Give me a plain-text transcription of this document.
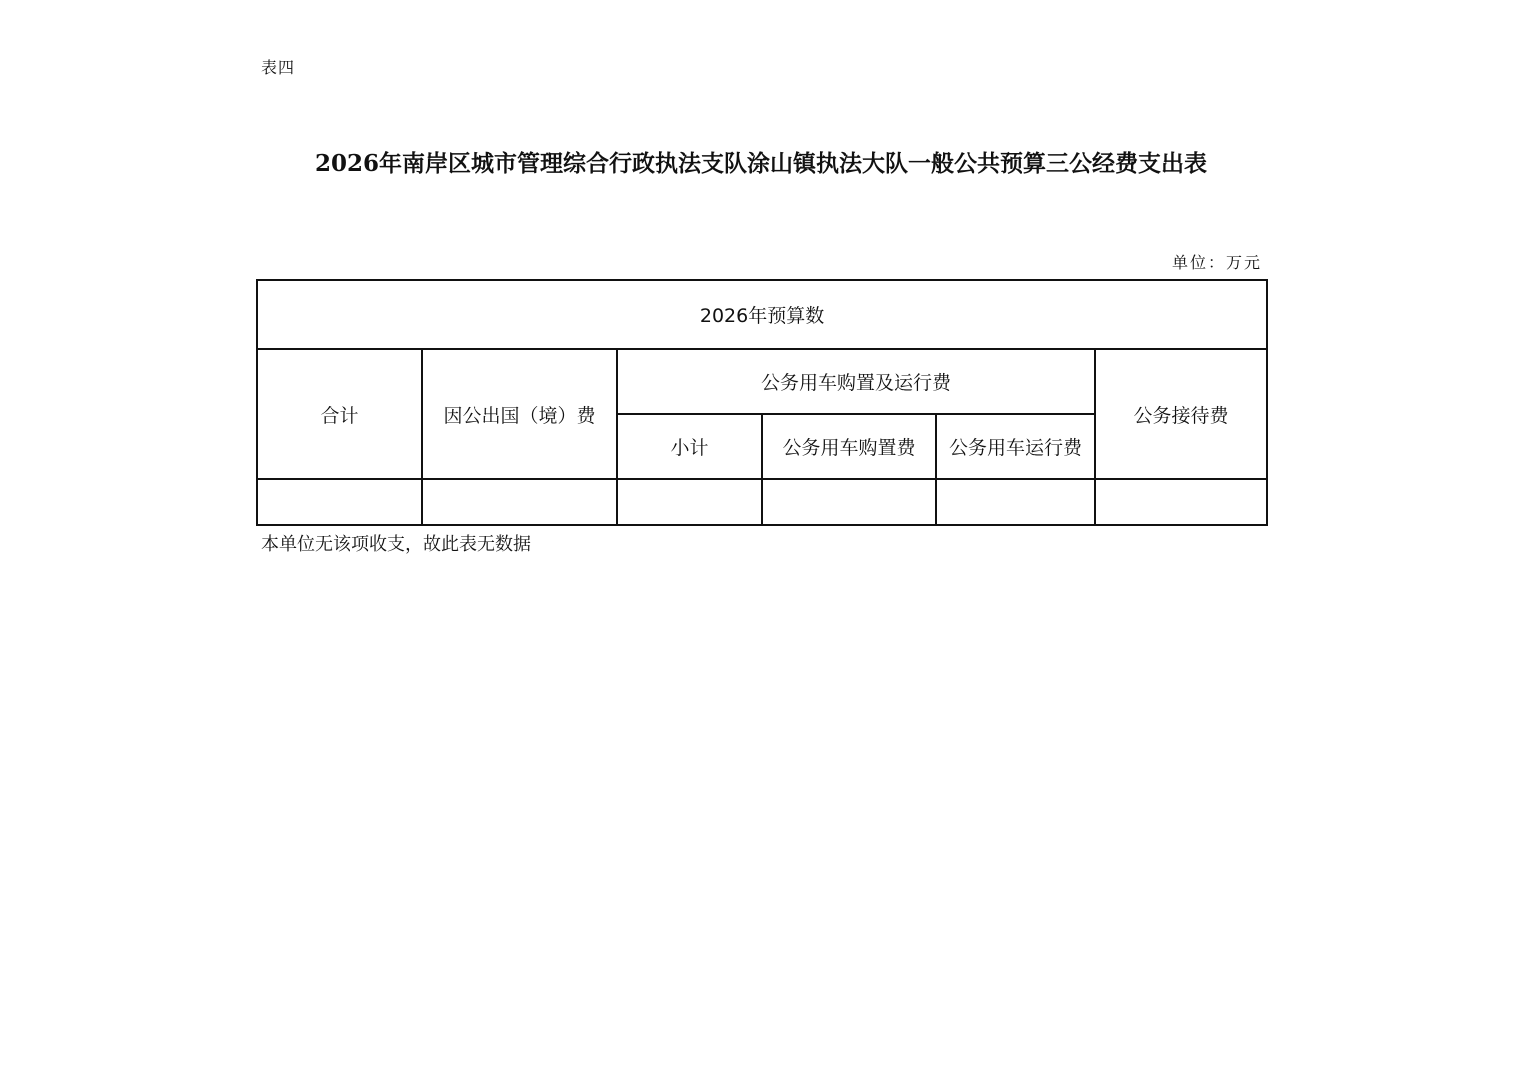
表四
2026年南岸区城市管理综合行政执法支队涂山镇执法大队一般公共预算三公经费支出表
单位：万元
2026年预算数					
合计	因公出国（境）费	公务用车购置及运行费			公务接待费
		小计	公务用车购置费	公务用车运行费	

本单位无该项收支，故此表无数据
